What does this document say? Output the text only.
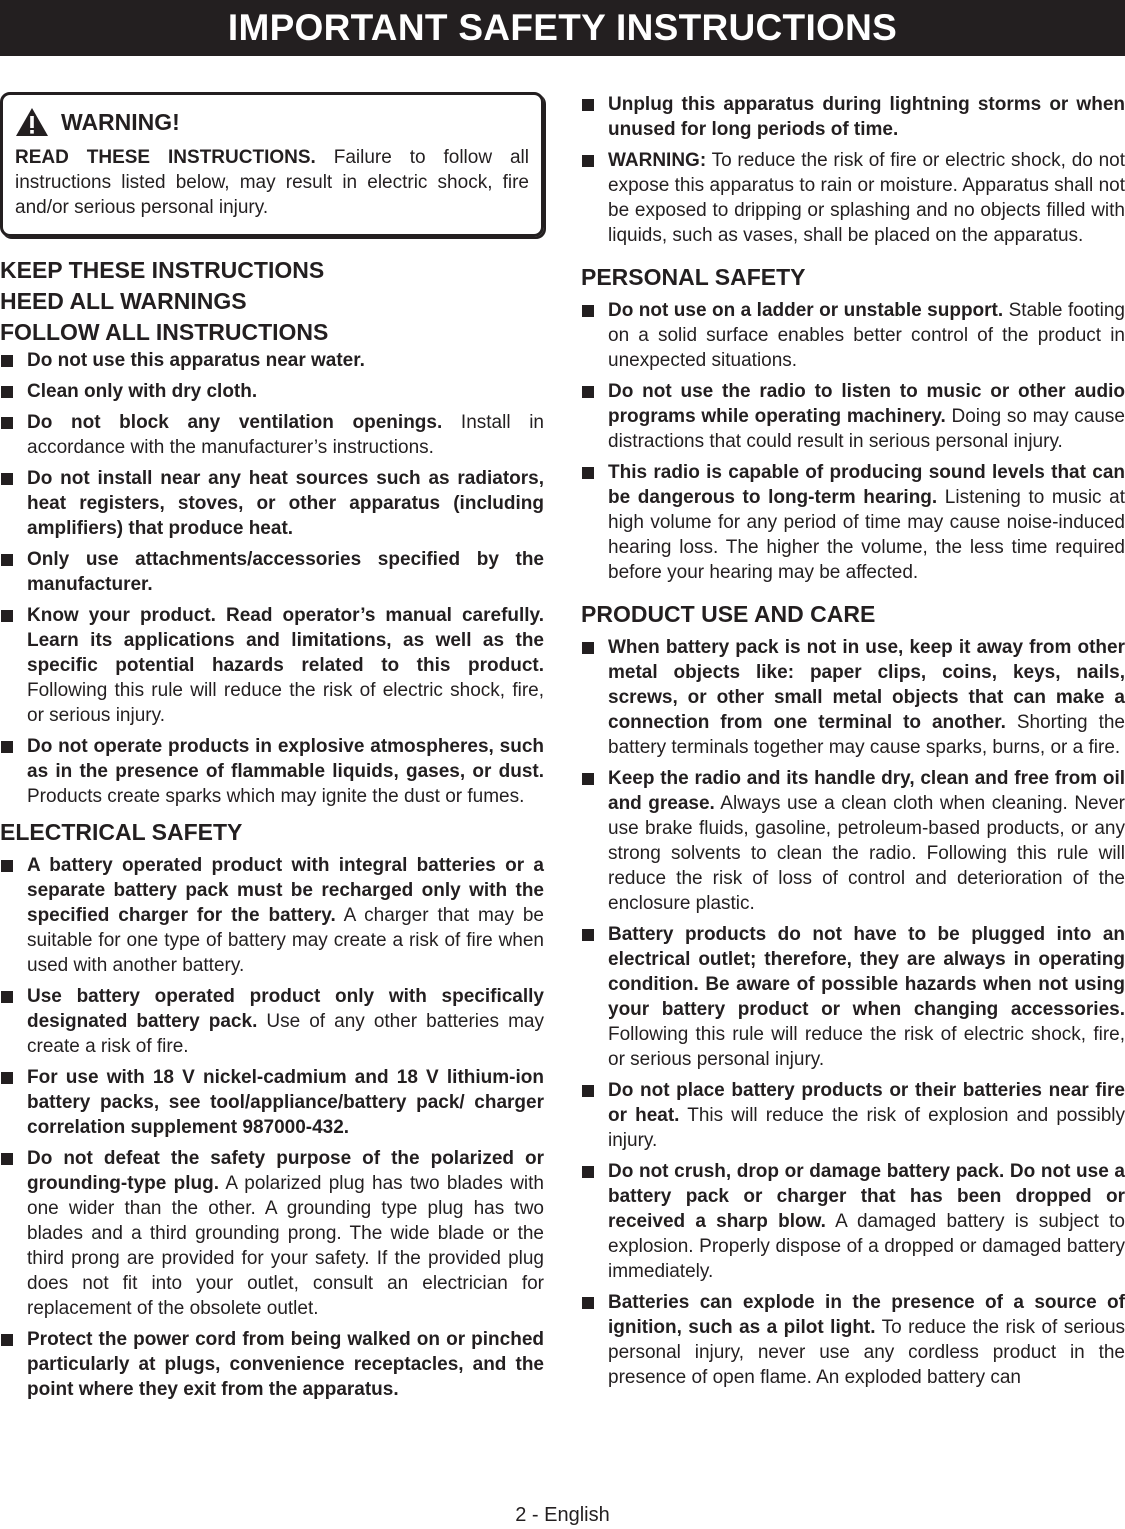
IMPORTANT SAFETY INSTRUCTIONS
WARNING!
READ THESE INSTRUCTIONS. Failure to follow all instructions listed below, may result in electric shock, fire and/or serious personal injury.
KEEP THESE INSTRUCTIONS
HEED ALL WARNINGS
FOLLOW ALL INSTRUCTIONS
Do not use this apparatus near water.
Clean only with dry cloth.
Do not block any ventilation openings. Install in accordance with the manufacturer’s instructions.
Do not install near any heat sources such as radiators, heat registers, stoves, or other apparatus (including amplifiers) that produce heat.
Only use attachments/accessories specified by the manufacturer.
Know your product. Read operator’s manual carefully. Learn its applications and limitations, as well as the specific potential hazards related to this product. Following this rule will reduce the risk of electric shock, fire, or serious injury.
Do not operate products in explosive atmospheres, such as in the presence of flammable liquids, gases, or dust. Products create sparks which may ignite the dust or fumes.
ELECTRICAL SAFETY
A battery operated product with integral batteries or a separate battery pack must be recharged only with the specified charger for the battery. A charger that may be suitable for one type of battery may create a risk of fire when used with another battery.
Use battery operated product only with specifically designated battery pack. Use of any other batteries may create a risk of fire.
For use with 18 V nickel-cadmium and 18 V lithium-ion battery packs, see tool/appliance/battery pack/ charger correlation supplement 987000-432.
Do not defeat the safety purpose of the polarized or grounding-type plug. A polarized plug has two blades with one wider than the other. A grounding type plug has two blades and a third grounding prong. The wide blade or the third prong are provided for your safety. If the provided plug does not fit into your outlet, consult an electrician for replacement of the obsolete outlet.
Protect the power cord from being walked on or pinched particularly at plugs, convenience receptacles, and the point where they exit from the apparatus.
Unplug this apparatus during lightning storms or when unused for long periods of time.
WARNING: To reduce the risk of fire or electric shock, do not expose this apparatus to rain or moisture. Apparatus shall not be exposed to dripping or splashing and no objects filled with liquids, such as vases, shall be placed on the apparatus.
PERSONAL SAFETY
Do not use on a ladder or unstable support. Stable footing on a solid surface enables better control of the product in unexpected situations.
Do not use the radio to listen to music or other audio programs while operating machinery. Doing so may cause distractions that could result in serious personal injury.
This radio is capable of producing sound levels that can be dangerous to long-term hearing. Listening to music at high volume for any period of time may cause noise-induced hearing loss. The higher the volume, the less time required before your hearing may be affected.
PRODUCT USE AND CARE
When battery pack is not in use, keep it away from other metal objects like: paper clips, coins, keys, nails, screws, or other small metal objects that can make a connection from one terminal to another. Shorting the battery terminals together may cause sparks, burns, or a fire.
Keep the radio and its handle dry, clean and free from oil and grease. Always use a clean cloth when cleaning. Never use brake fluids, gasoline, petroleum-based products, or any strong solvents to clean the radio. Following this rule will reduce the risk of loss of control and deterioration of the enclosure plastic.
Battery products do not have to be plugged into an electrical outlet; therefore, they are always in operating condition. Be aware of possible hazards when not using your battery product or when changing accessories. Following this rule will reduce the risk of electric shock, fire, or serious personal injury.
Do not place battery products or their batteries near fire or heat. This will reduce the risk of explosion and possibly injury.
Do not crush, drop or damage battery pack. Do not use a battery pack or charger that has been dropped or received a sharp blow. A damaged battery is subject to explosion. Properly dispose of a dropped or damaged battery immediately.
Batteries can explode in the presence of a source of ignition, such as a pilot light. To reduce the risk of serious personal injury, never use any cordless product in the presence of open flame. An exploded battery can
2 - English
